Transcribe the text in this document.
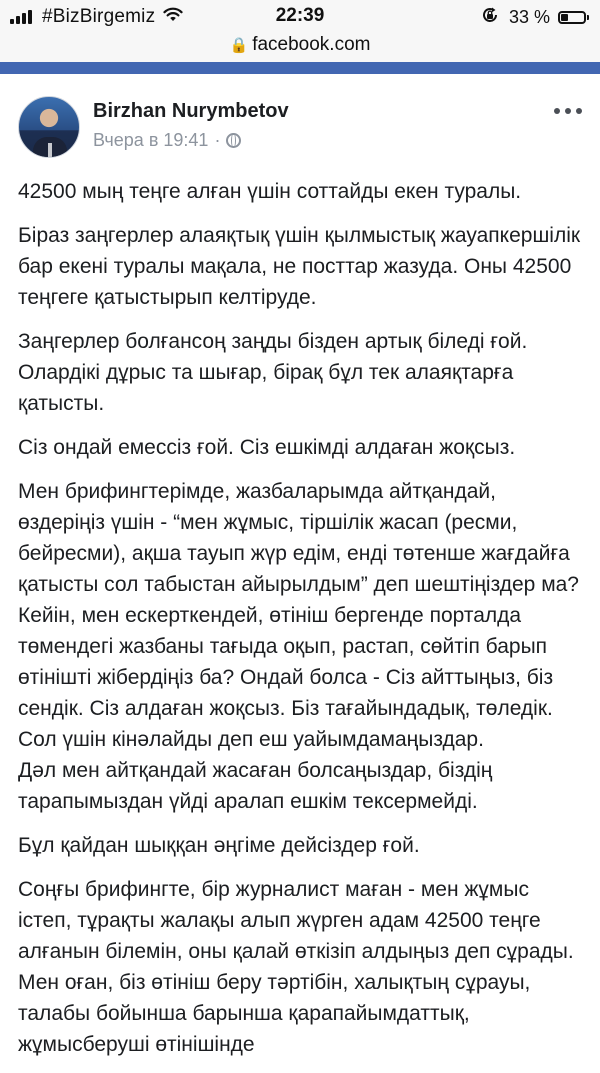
#BizBirgemiz	22:39	33 %
🔒 facebook.com
Birzhan Nurymbetov
Вчера в 19:41 ·

42500 мың теңге алған үшін соттайды екен туралы.

Біраз заңгерлер алаяқтық үшін қылмыстық жауапкершілік бар екені туралы мақала, не посттар жазуда. Оны 42500 теңгеге қатыстырып келтіруде.

Заңгерлер болғансоң заңды бізден артық біледі ғой. Олардікі дұрыс та шығар, бірақ бұл тек алаяқтарға қатысты.

Сіз ондай емессіз ғой. Сіз ешкімді алдаған жоқсыз.

Мен брифингтерімде, жазбаларымда айтқандай, өздеріңіз үшін - “мен жұмыс, тіршілік жасап (ресми, бейресми), ақша тауып жүр едім, енді төтенше жағдайға қатысты сол табыстан айырылдым” деп шештіңіздер ма? Кейін, мен ескерткендей, өтініш бергенде порталда төмендегі жазбаны тағыда оқып, растап, сөйтіп барып өтінішті жібердіңіз ба? Ондай болса - Сіз айттыңыз, біз сендік. Сіз алдаған жоқсыз. Біз тағайындадық, төледік.
Сол үшін кінәлайды деп еш уайымдамаңыздар.
Дәл мен айтқандай жасаған болсаңыздар, біздің тарапымыздан үйді аралап ешкім тексермейді.

Бұл қайдан шыққан әңгіме дейсіздер ғой.

Соңғы брифингте, бір журналист маған - мен жұмыс істеп, тұрақты жалақы алып жүрген адам 42500 теңге алғанын білемін, оны қалай өткізіп алдыңыз деп сұрады.
Мен оған, біз өтініш беру тәртібін, халықтың сұрауы, талабы бойынша барынша қарапайымдаттық, жұмысберуші өтінішінде
